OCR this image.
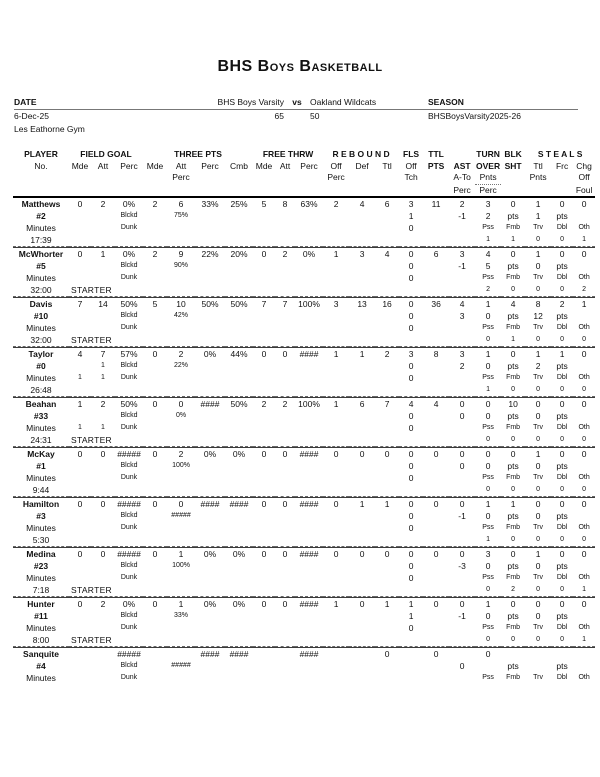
BHS Boys Basketball
DATE	BHS Boys Varsity vs Oakland Wildcats	SEASON
6-Dec-25	65	50	BHSBoysVarsity2025-26
Les Eathorne Gym
PLAYER	FIELD GOAL			THREE PTS				FREE THRW			R E B O U N D			FLS	TTL		TURN	BLK	S T E A L S		
No.	Mde	Att	Perc	Mde	Att	Perc	Cmb	Mde	Att	Perc	Off	Def	Ttl	Off	PTS	AST	OVER	SHT	Ttl	Frc	Chg
					Perc						Perc			Tch		A-To	Pnts		Pnts		Off
																Perc	Perc				Foul
Matthews	0	2	0%	2	6	33%	25%	5	8	63%	2	4	6	3	11	2	3	0	1	0	0
#2			Blckd		75%									1		-1	2	pts	1	pts	
Minutes			Dunk											0			Pss	Fmb	Trv	Dbl	Oth
17:39																	1	1	0	0	1
McWhorter	0	1	0%	2	9	22%	20%	0	2	0%	1	3	4	0	6	3	4	0	1	0	0
#5			Blckd		90%									0		-1	5	pts	0	pts	
Minutes			Dunk											0			Pss	Fmb	Trv	Dbl	Oth
32:00	STARTER																2	0	0	0	2
Davis	7	14	50%	5	10	50%	50%	7	7	100%	3	13	16	0	36	4	1	4	8	2	1
#10			Blckd		42%									0		3	0	pts	12	pts	
Minutes			Dunk											0			Pss	Fmb	Trv	Dbl	Oth
32:00	STARTER																0	1	0	0	0
Taylor	4	7	57%	0	2	0%	44%	0	0	####	1	1	2	3	8	3	1	0	1	1	0
#0		1	Blckd		22%									0		2	0	pts	2	pts	
Minutes	1	1	Dunk											0			Pss	Fmb	Trv	Dbl	Oth
26:48																	1	0	0	0	0
Beahan	1	2	50%	0	0	####	50%	2	2	100%	1	6	7	4	4	0	0	10	0	0	0
#33			Blckd		0%									0		0	0	pts	0	pts	
Minutes	1	1	Dunk											0			Pss	Fmb	Trv	Dbl	Oth
24:31	STARTER																0	0	0	0	0
McKay	0	0	#####	0	2	0%	0%	0	0	####	0	0	0	0	0	0	0	0	1	0	0
#1			Blckd		100%									0		0	0	pts	0	pts	
Minutes			Dunk											0			Pss	Fmb	Trv	Dbl	Oth
9:44																	0	0	0	0	0
Hamilton	0	0	#####	0	0	####	####	0	0	####	0	1	1	0	0	0	1	1	0	0	0
#3			Blckd		#####									0		-1	0	pts	0	pts	
Minutes			Dunk											0			Pss	Fmb	Trv	Dbl	Oth
5:30																	1	0	0	0	0
Medina	0	0	#####	0	1	0%	0%	0	0	####	0	0	0	0	0	0	3	0	1	0	0
#23			Blckd		100%									0		-3	0	pts	0	pts	
Minutes			Dunk											0			Pss	Fmb	Trv	Dbl	Oth
7:18	STARTER																0	2	0	0	1
Hunter	0	2	0%	0	1	0%	0%	0	0	####	1	0	1	1	0	0	1	0	0	0	0
#11			Blckd		33%									1		-1	0	pts	0	pts	
Minutes			Dunk											0			Pss	Fmb	Trv	Dbl	Oth
8:00	STARTER																0	0	0	0	1
Sanquite			#####			####	####			####			0		0		0				
#4			Blckd		#####											0		pts		pts	
Minutes			Dunk														Pss	Fmb	Trv	Dbl	Oth
